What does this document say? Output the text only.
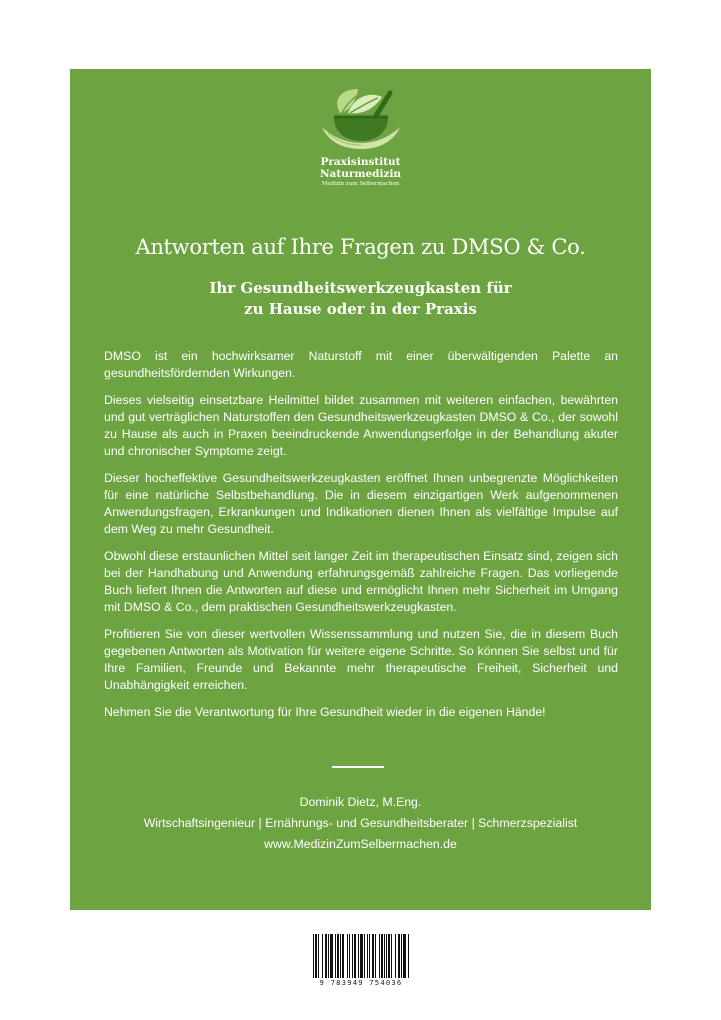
Praxisinstitut
Naturmedizin
Medizin zum Selbermachen
Antworten auf Ihre Fragen zu DMSO & Co.
Ihr Gesundheitswerkzeugkasten für
zu Hause oder in der Praxis

DMSO ist ein hochwirksamer Naturstoff mit einer überwältigenden Palette an gesundheitsfördernden Wirkungen.

Dieses vielseitig einsetzbare Heilmittel bildet zusammen mit weiteren einfachen, bewährten und gut verträglichen Naturstoffen den Gesundheitswerkzeugkasten DMSO & Co., der sowohl zu Hause als auch in Praxen beeindruckende Anwendungserfolge in der Behandlung akuter und chronischer Symptome zeigt.

Dieser hocheffektive Gesundheitswerkzeugkasten eröffnet Ihnen unbegrenzte Möglichkeiten für eine natürliche Selbstbehandlung. Die in diesem einzigartigen Werk aufgenommenen Anwendungsfragen, Erkrankungen und Indikationen dienen Ihnen als vielfältige Impulse auf dem Weg zu mehr Gesundheit.

Obwohl diese erstaunlichen Mittel seit langer Zeit im therapeutischen Einsatz sind, zeigen sich bei der Handhabung und Anwendung erfahrungsgemäß zahlreiche Fragen. Das vorliegende Buch liefert Ihnen die Antworten auf diese und ermöglicht Ihnen mehr Sicherheit im Umgang mit DMSO & Co., dem praktischen Gesundheitswerkzeugkasten.

Profitieren Sie von dieser wertvollen Wissenssammlung und nutzen Sie, die in diesem Buch gegebenen Antworten als Motivation für weitere eigene Schritte. So können Sie selbst und für Ihre Familien, Freunde und Bekannte mehr therapeutische Freiheit, Sicherheit und Unabhängigkeit erreichen.

Nehmen Sie die Verantwortung für Ihre Gesundheit wieder in die eigenen Hände!

Dominik Dietz, M.Eng.
Wirtschaftsingenieur | Ernährungs- und Gesundheitsberater | Schmerzspezialist
www.MedizinZumSelbermachen.de
9 783949 754036
